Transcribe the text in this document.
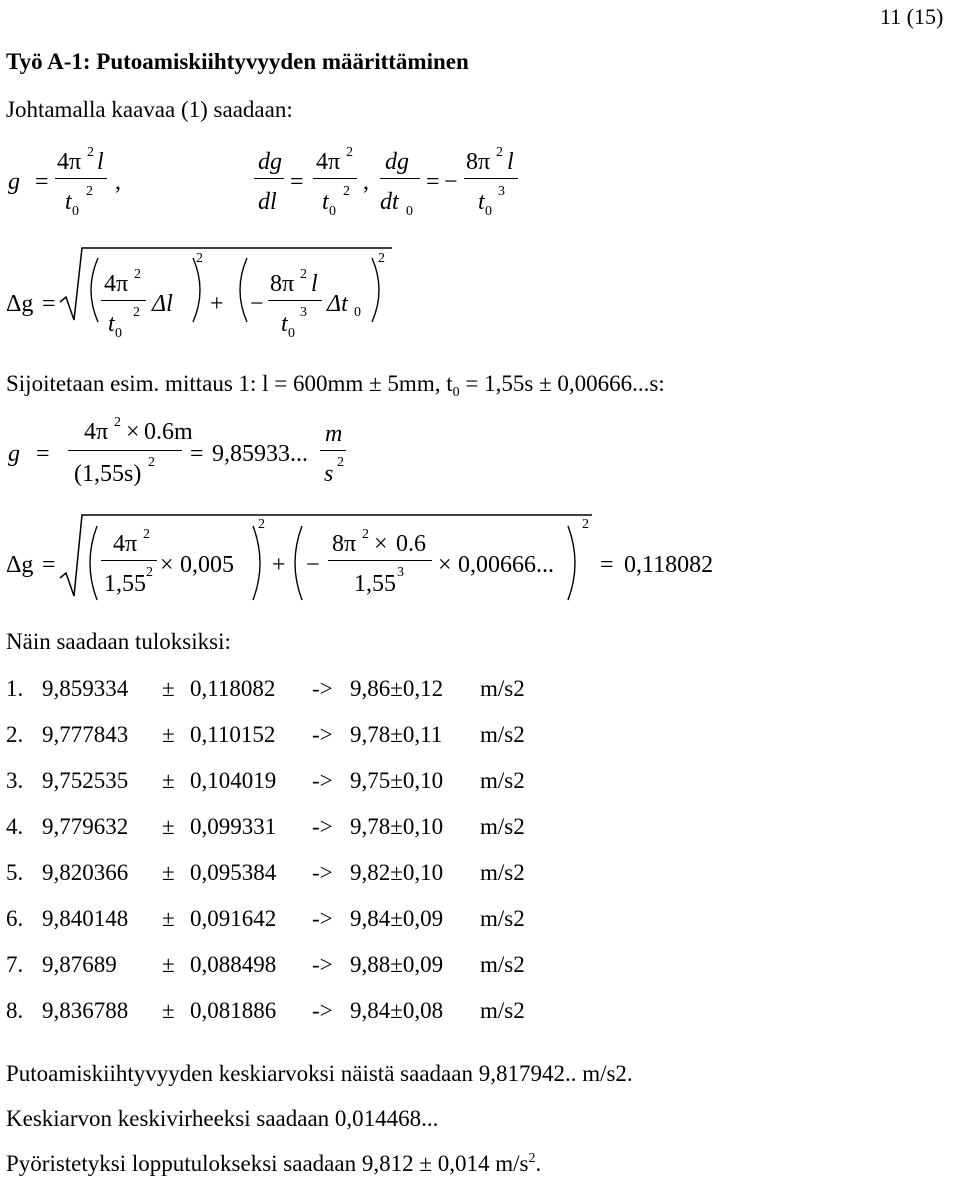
11 (15)
Työ A-1: Putoamiskiihtyvyyden määrittäminen
Johtamalla kaavaa (1) saadaan:
g =
4π 2 l
t 0
2 ,
dg
dl
=
4π 2
t 0
2 ,
dg
dt 0
= −
8π 2 l
t 0
3
Δg =
4π 2
t 0
2 Δl
2
+ −
8π 2 l
t 0
3 Δt 0
2
Sijoitetaan esim. mittaus 1: l = 600mm ± 5mm, $t_0 = 1,55s \pm 0,00666...s$:
g =
4π 2 × 0.6m
(1,55s) 2 = 9,85933...
m
s 2
Δg =
4π 2
1,55 2 × 0,005
2
+ −
8π 2 × 0.6
1,55 3 × 0,00666...
2
= 0,118082
Näin saadaan tuloksiksi:
1. 9,859334 ± 0,118082 -> 9,86±0,12 m/s2
2. 9,777843 ± 0,110152 -> 9,78±0,11 m/s2
3. 9,752535 ± 0,104019 -> 9,75±0,10 m/s2
4. 9,779632 ± 0,099331 -> 9,78±0,10 m/s2
5. 9,820366 ± 0,095384 -> 9,82±0,10 m/s2
6. 9,840148 ± 0,091642 -> 9,84±0,09 m/s2
7. 9,87689 ± 0,088498 -> 9,88±0,09 m/s2
8. 9,836788 ± 0,081886 -> 9,84±0,08 m/s2
Putoamiskiihtyvyyden keskiarvoksi näistä saadaan 9,817942.. m/s2.
Keskiarvon keskivirheeksi saadaan 0,014468...
Pyöristetyksi lopputulokseksi saadaan 9,812 ± 0,014 $m/s^2$.
